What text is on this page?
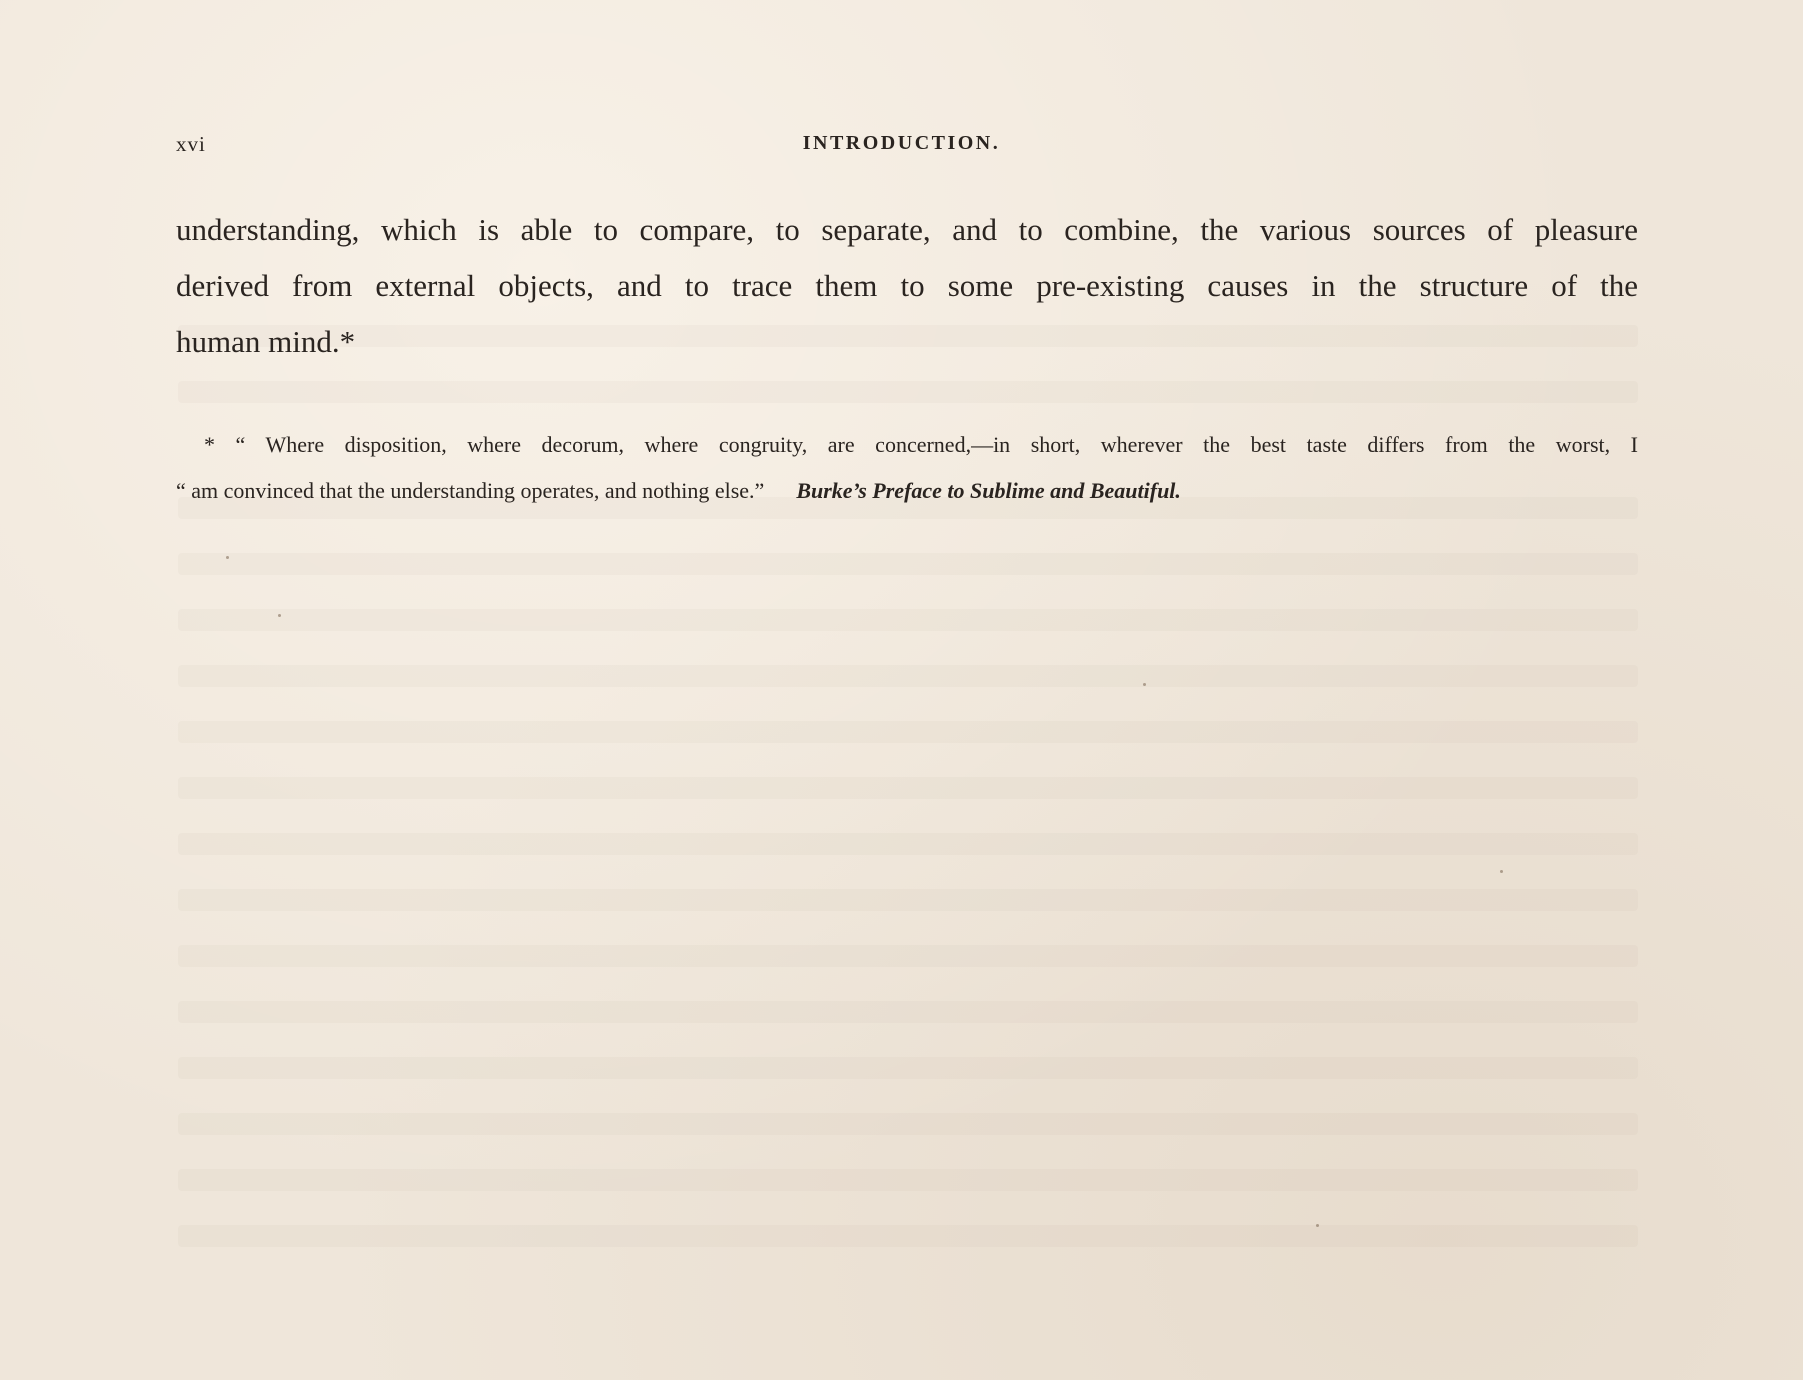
xvi	INTRODUCTION.
understanding, which is able to compare, to separate, and to combine, the various sources of pleasure
derived from external objects, and to trace them to some pre-existing causes in the structure of the
human mind.*
* “ Where disposition, where decorum, where congruity, are concerned,—in short, wherever the best taste differs from the worst, I
“ am convinced that the understanding operates, and nothing else.” Burke’s Preface to Sublime and Beautiful.
